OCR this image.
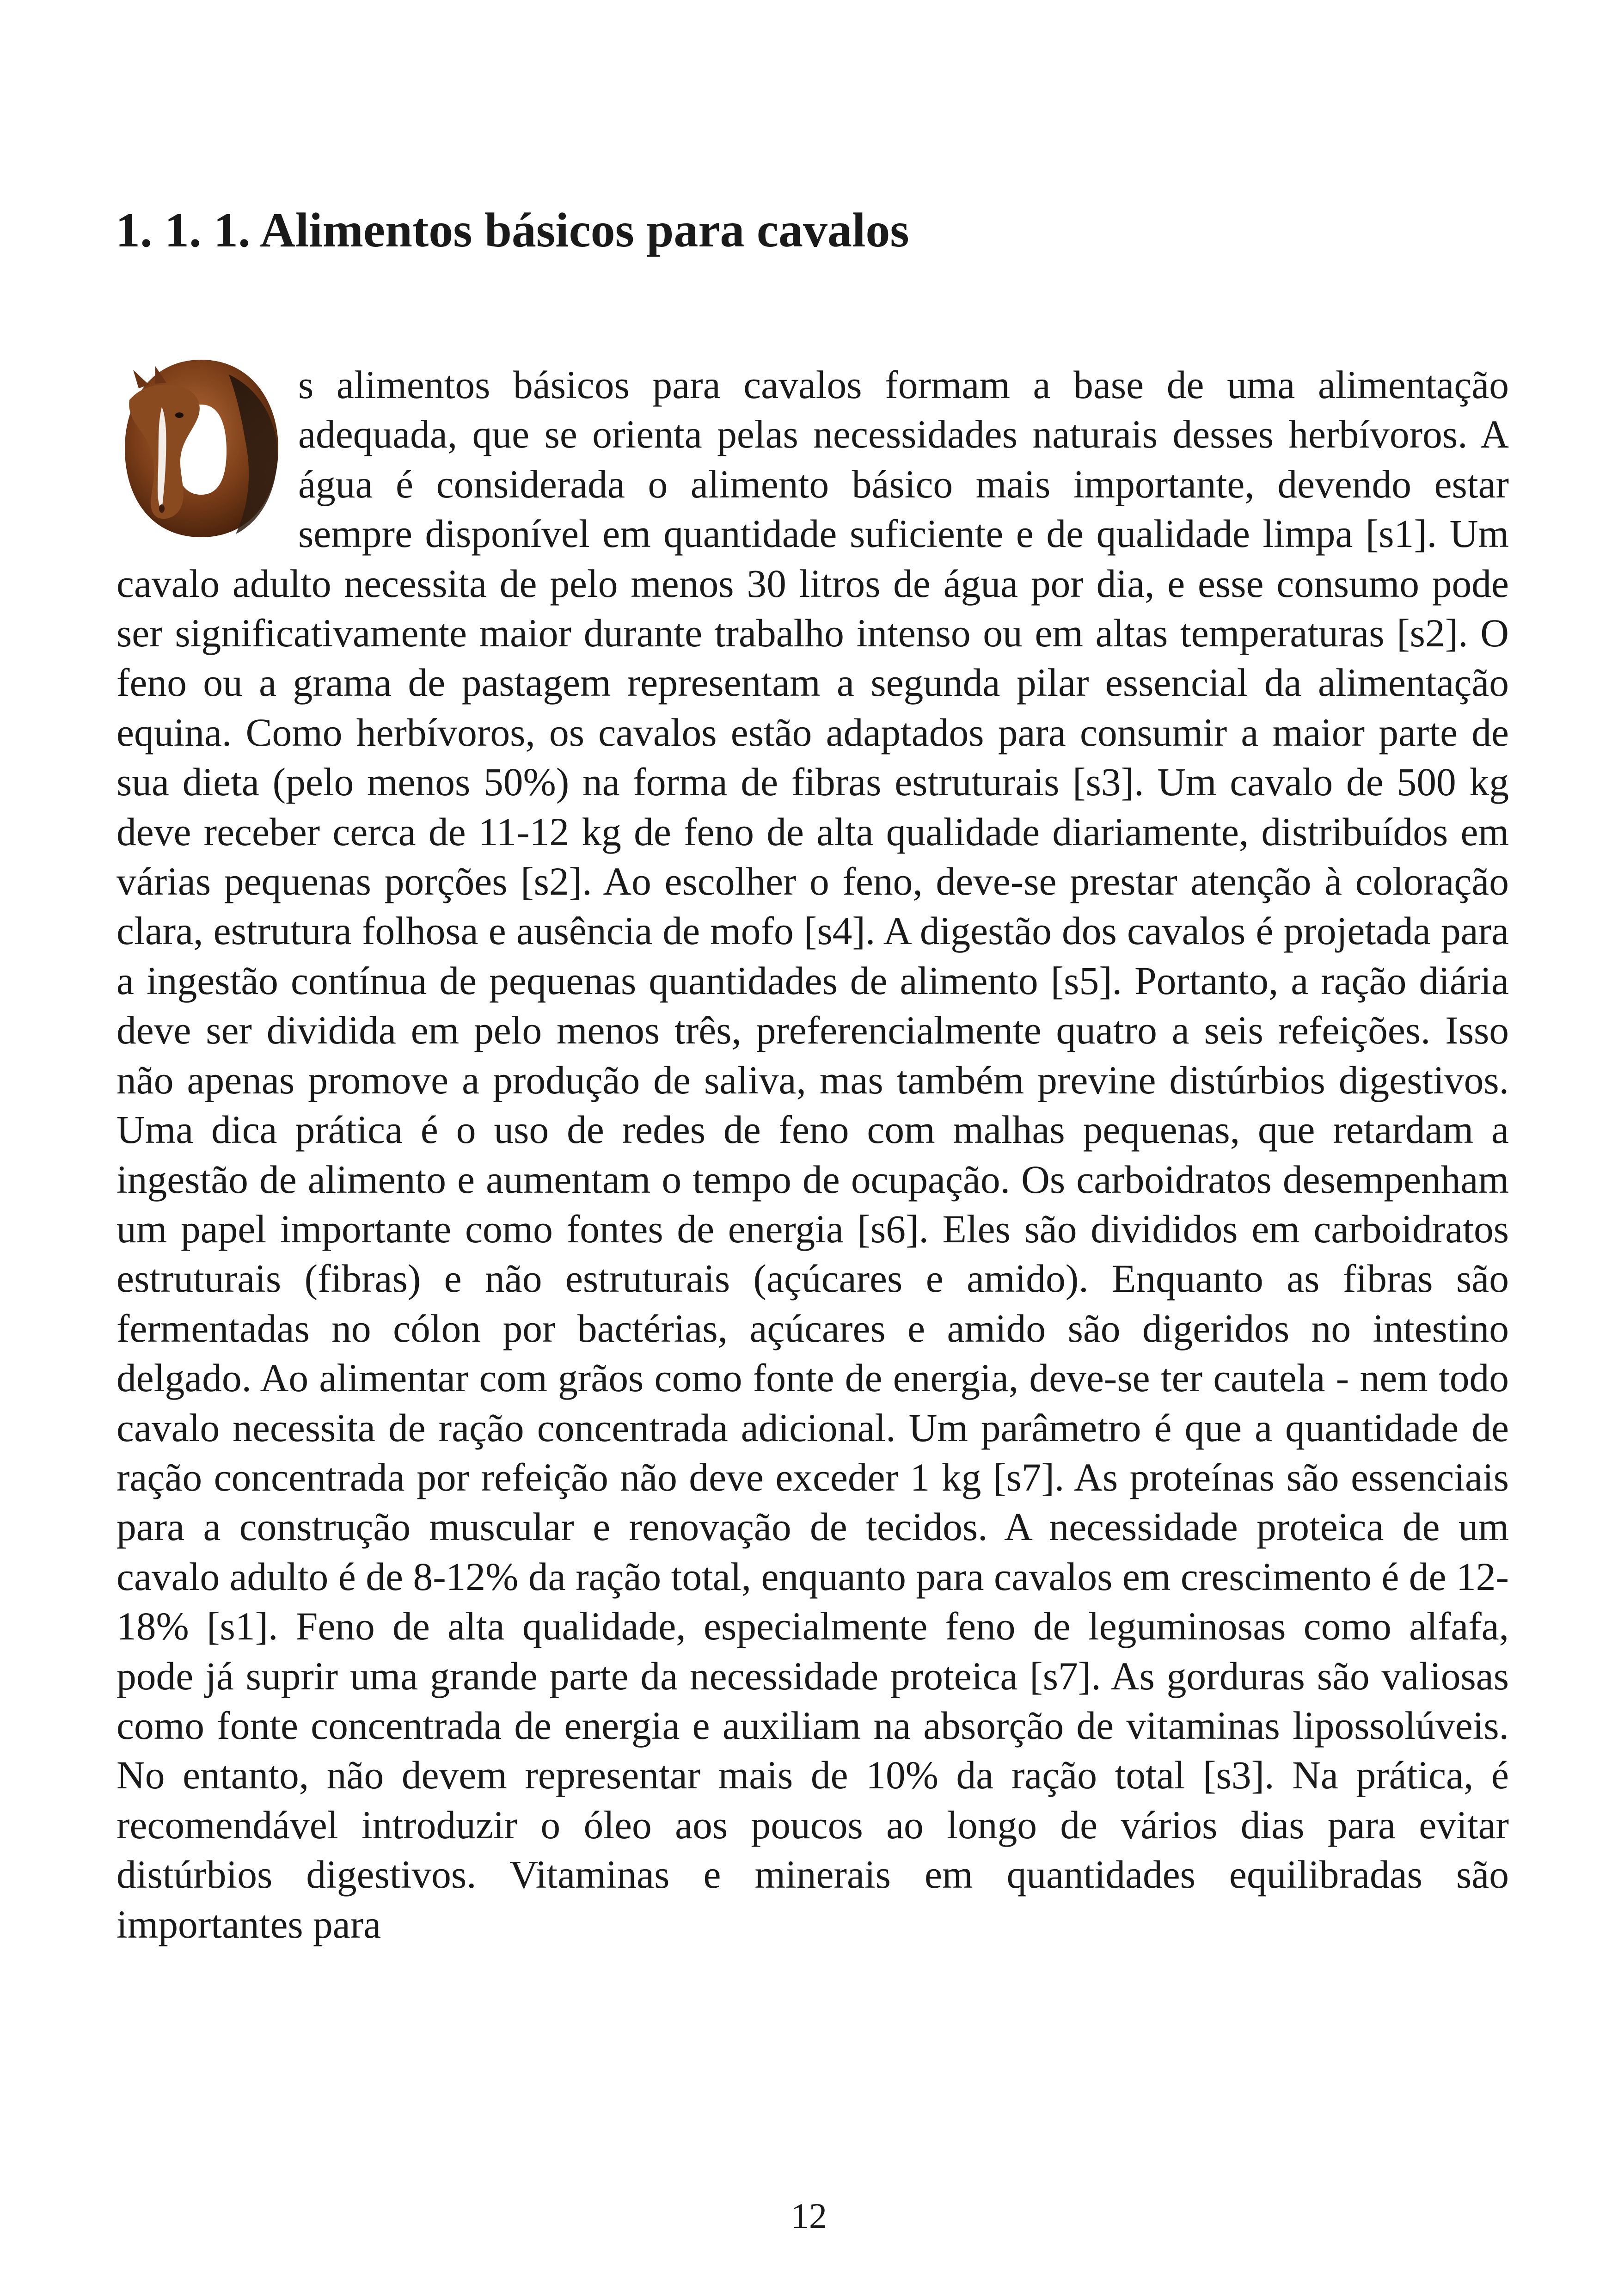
1. 1. 1. Alimentos básicos para cavalos

s alimentos básicos para cavalos formam a base de uma alimentação adequada, que se orienta pelas necessidades naturais desses herbívoros. A água é considerada o alimento básico mais importante, devendo estar sempre disponível em quantidade suficiente e de qualidade limpa [s1]. Um cavalo adulto necessita de pelo menos 30 litros de água por dia, e esse consumo pode ser significativamente maior durante trabalho intenso ou em altas temperaturas [s2]. O feno ou a grama de pastagem representam a segunda pilar essencial da alimentação equina. Como herbívoros, os cavalos estão adaptados para consumir a maior parte de sua dieta (pelo menos 50%) na forma de fibras estruturais [s3]. Um cavalo de 500 kg deve receber cerca de 11-12 kg de feno de alta qualidade diariamente, distribuídos em várias pequenas porções [s2]. Ao escolher o feno, deve-se prestar atenção à coloração clara, estrutura folhosa e ausência de mofo [s4]. A digestão dos cavalos é projetada para a ingestão contínua de pequenas quantidades de alimento [s5]. Portanto, a ração diária deve ser dividida em pelo menos três, preferencialmente quatro a seis refeições. Isso não apenas promove a produção de saliva, mas também previne distúrbios digestivos. Uma dica prática é o uso de redes de feno com malhas pequenas, que retardam a ingestão de alimento e aumentam o tempo de ocupação. Os carboidratos desempenham um papel importante como fontes de energia [s6]. Eles são divididos em carboidratos estruturais (fibras) e não estruturais (açúcares e amido). Enquanto as fibras são fermentadas no cólon por bactérias, açúcares e amido são digeridos no intestino delgado. Ao alimentar com grãos como fonte de energia, deve-se ter cautela - nem todo cavalo necessita de ração concentrada adicional. Um parâmetro é que a quantidade de ração concentrada por refeição não deve exceder 1 kg [s7]. As proteínas são essenciais para a construção muscular e renovação de tecidos. A necessidade proteica de um cavalo adulto é de 8-12% da ração total, enquanto para cavalos em crescimento é de 12-18% [s1]. Feno de alta qualidade, especialmente feno de leguminosas como alfafa, pode já suprir uma grande parte da necessidade proteica [s7]. As gorduras são valiosas como fonte concentrada de energia e auxiliam na absorção de vitaminas lipossolúveis. No entanto, não devem representar mais de 10% da ração total [s3]. Na prática, é recomendável introduzir o óleo aos poucos ao longo de vários dias para evitar distúrbios digestivos. Vitaminas e minerais em quantidades equilibradas são importantes para

12
